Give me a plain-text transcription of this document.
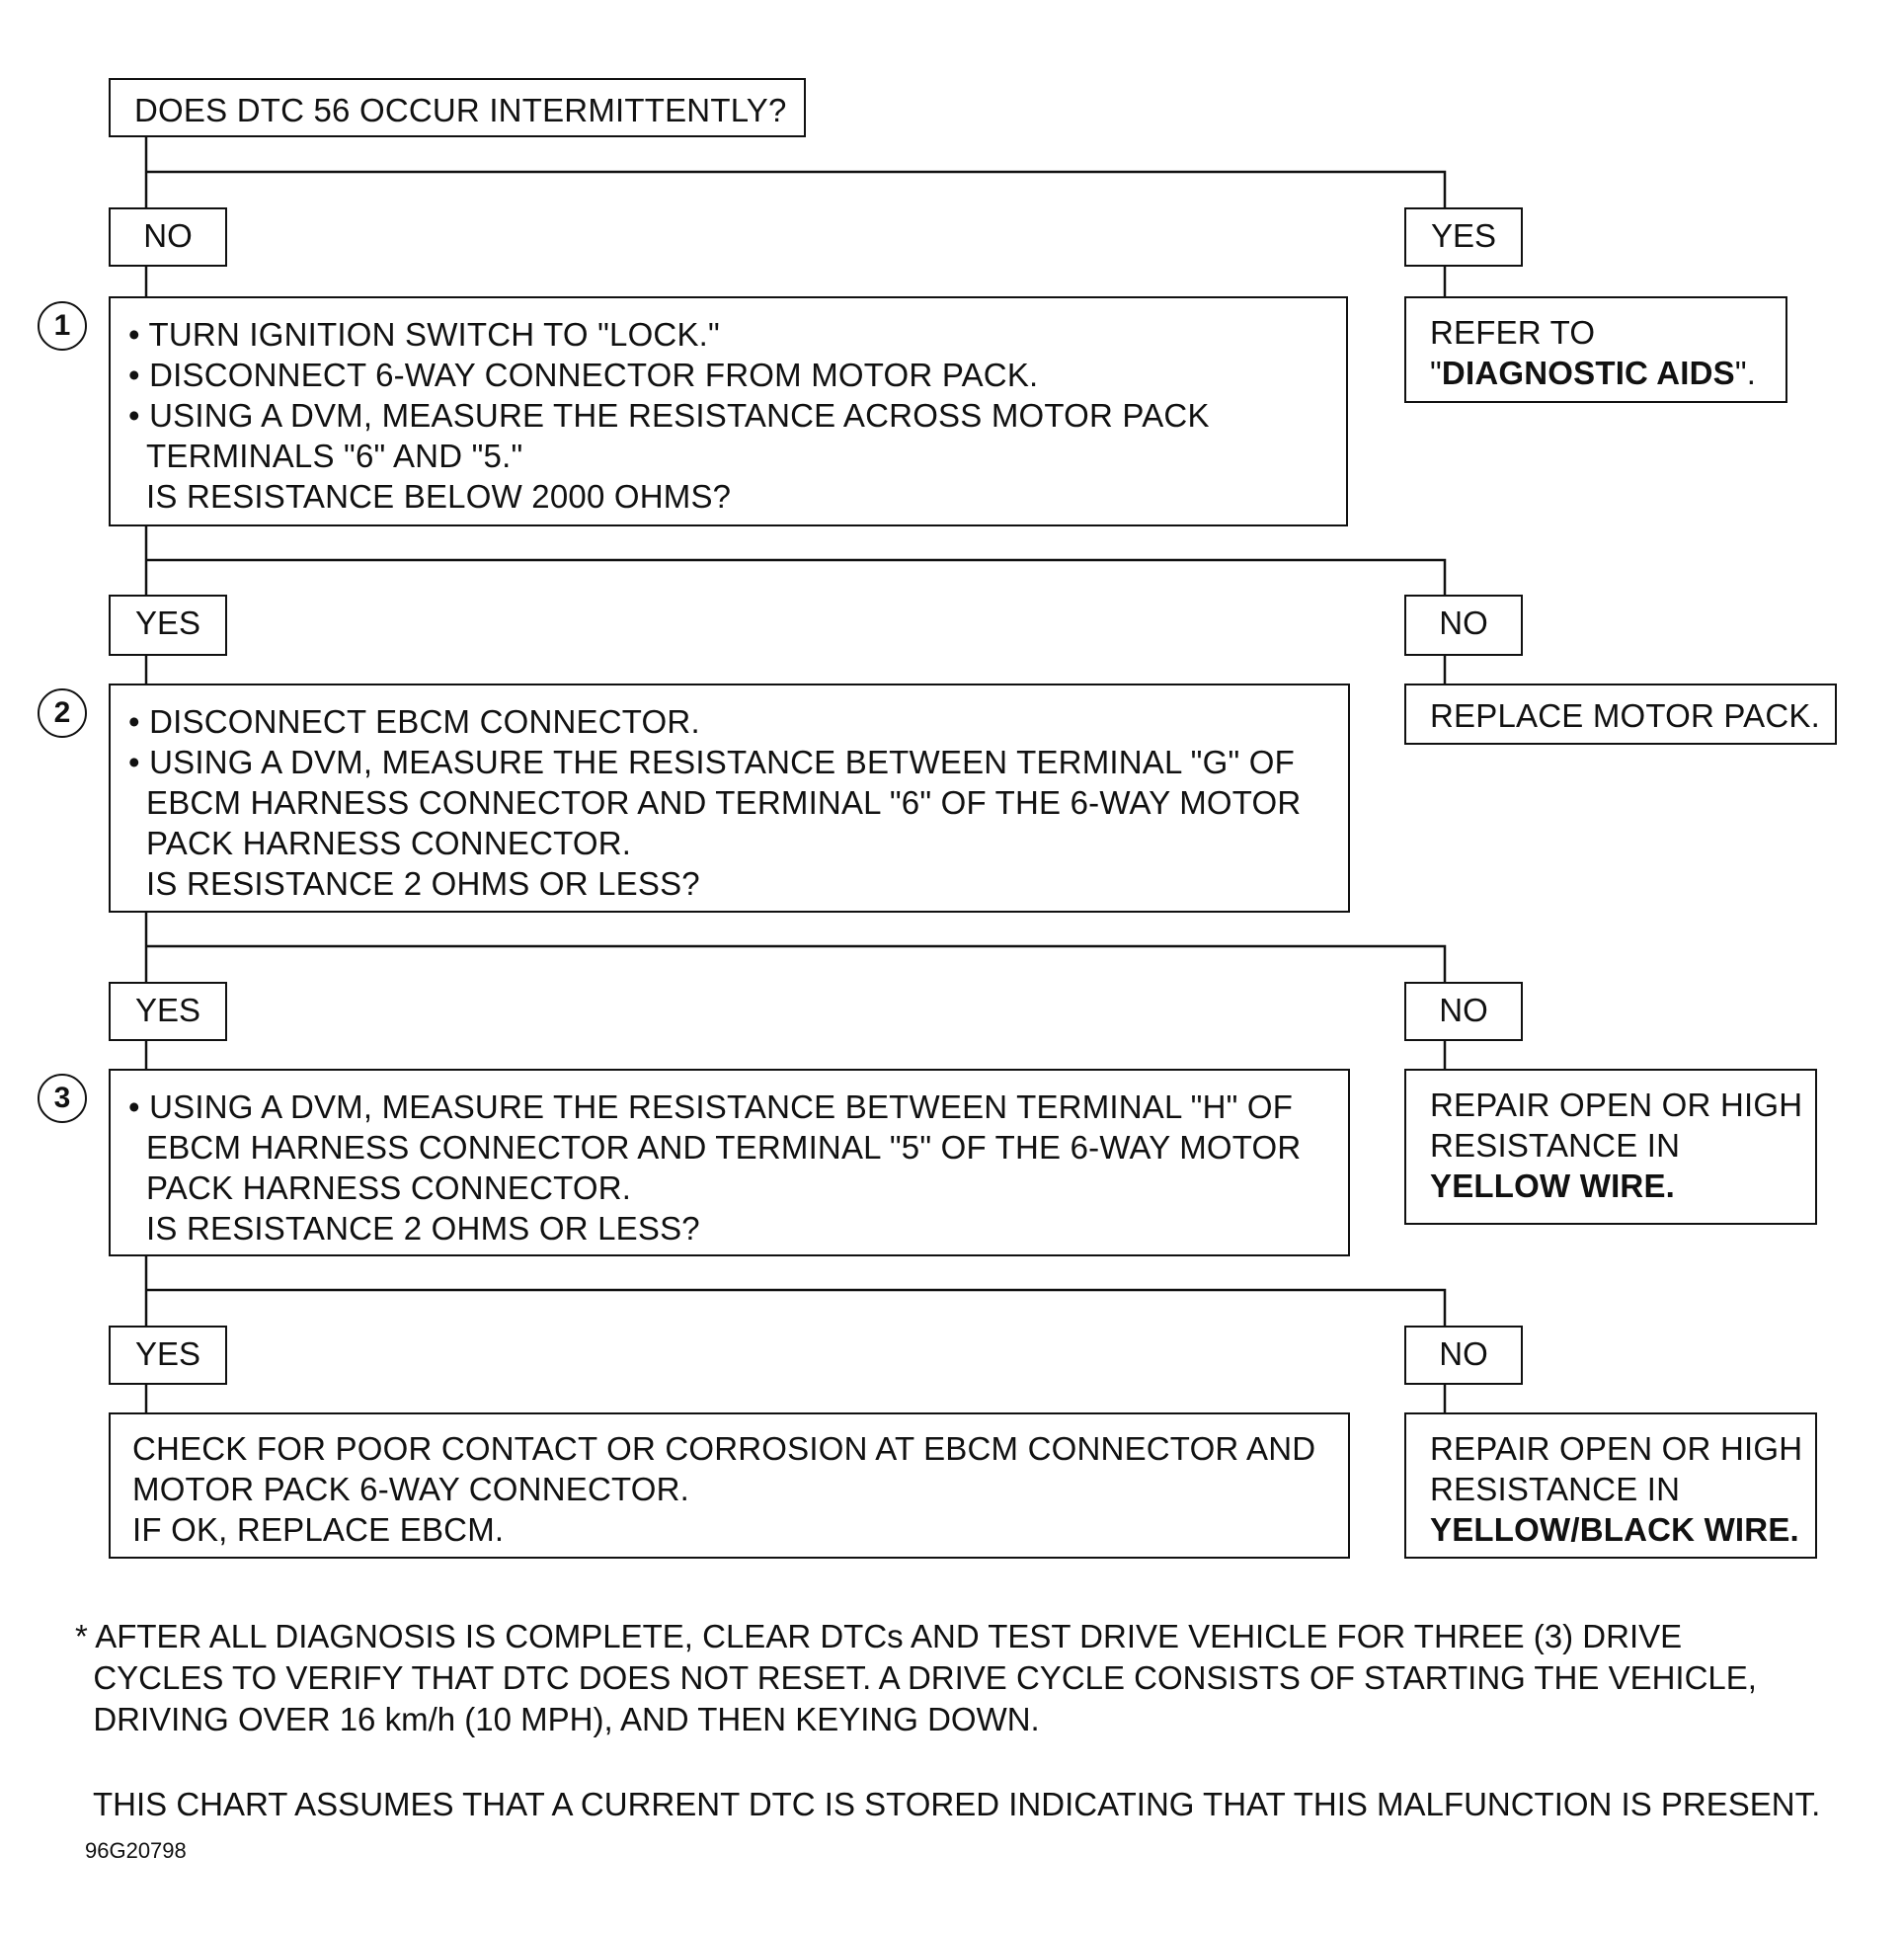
DOES DTC 56 OCCUR INTERMITTENTLY?
NO	YES
1	• TURN IGNITION SWITCH TO "LOCK."
• DISCONNECT 6-WAY CONNECTOR FROM MOTOR PACK.
• USING A DVM, MEASURE THE RESISTANCE ACROSS MOTOR PACK
TERMINALS "6" AND "5."
IS RESISTANCE BELOW 2000 OHMS?
REFER TO
"DIAGNOSTIC AIDS".
YES	NO
2	• DISCONNECT EBCM CONNECTOR.
• USING A DVM, MEASURE THE RESISTANCE BETWEEN TERMINAL "G" OF
EBCM HARNESS CONNECTOR AND TERMINAL "6" OF THE 6-WAY MOTOR
PACK HARNESS CONNECTOR.
IS RESISTANCE 2 OHMS OR LESS?
REPLACE MOTOR PACK.
YES	NO
3	• USING A DVM, MEASURE THE RESISTANCE BETWEEN TERMINAL "H" OF
EBCM HARNESS CONNECTOR AND TERMINAL "5" OF THE 6-WAY MOTOR
PACK HARNESS CONNECTOR.
IS RESISTANCE 2 OHMS OR LESS?
REPAIR OPEN OR HIGH
RESISTANCE IN
YELLOW WIRE.
YES	NO
CHECK FOR POOR CONTACT OR CORROSION AT EBCM CONNECTOR AND
MOTOR PACK 6-WAY CONNECTOR.
IF OK, REPLACE EBCM.
REPAIR OPEN OR HIGH
RESISTANCE IN
YELLOW/BLACK WIRE.
* AFTER ALL DIAGNOSIS IS COMPLETE, CLEAR DTCs AND TEST DRIVE VEHICLE FOR THREE (3) DRIVE
CYCLES TO VERIFY THAT DTC DOES NOT RESET. A DRIVE CYCLE CONSISTS OF STARTING THE VEHICLE,
DRIVING OVER 16 km/h (10 MPH), AND THEN KEYING DOWN.
THIS CHART ASSUMES THAT A CURRENT DTC IS STORED INDICATING THAT THIS MALFUNCTION IS PRESENT.
96G20798
